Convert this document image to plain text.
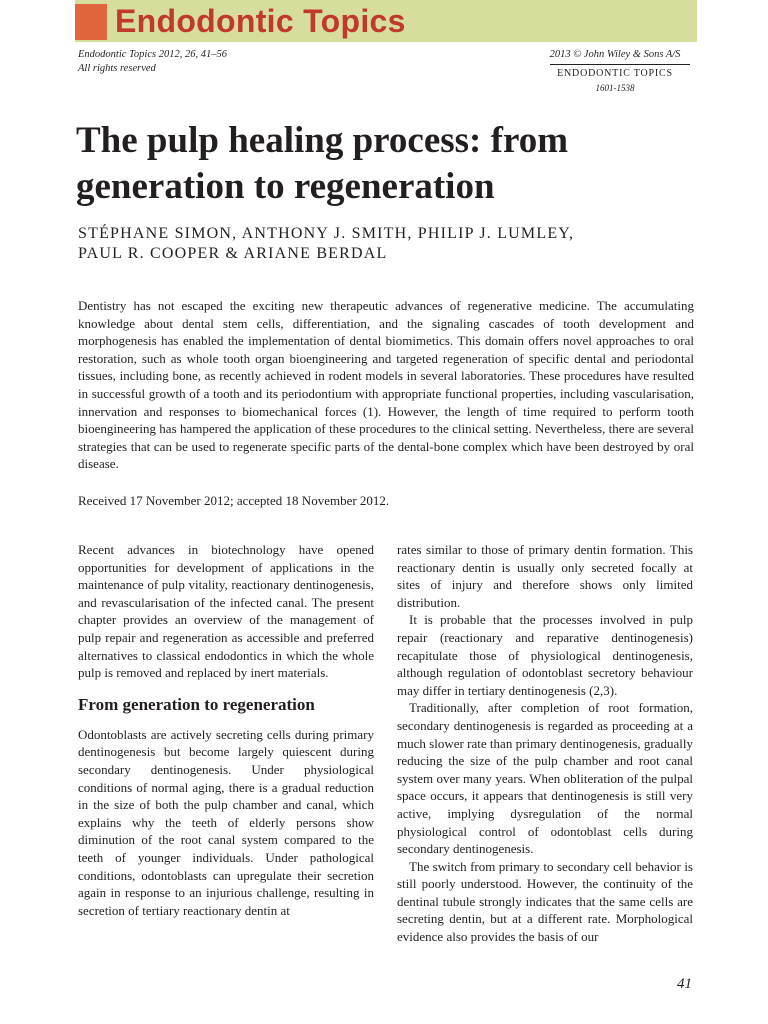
Endodontic Topics
Endodontic Topics 2012, 26, 41–56
All rights reserved
2013 © John Wiley & Sons A/S
ENDODONTIC TOPICS
1601-1538
The pulp healing process: from generation to regeneration
STÉPHANE SIMON, ANTHONY J. SMITH, PHILIP J. LUMLEY,
PAUL R. COOPER & ARIANE BERDAL

Dentistry has not escaped the exciting new therapeutic advances of regenerative medicine. The accumulating knowledge about dental stem cells, differentiation, and the signaling cascades of tooth development and morphogenesis has enabled the implementation of dental biomimetics. This domain offers novel approaches to oral restoration, such as whole tooth organ bioengineering and targeted regeneration of specific dental and periodontal tissues, including bone, as recently achieved in rodent models in several laboratories. These procedures have resulted in successful growth of a tooth and its periodontium with appropriate functional properties, including vascularisation, innervation and responses to biomechanical forces (1). However, the length of time required to perform tooth bioengineering has hampered the application of these procedures to the clinical setting. Nevertheless, there are several strategies that can be used to regenerate specific parts of the dental-bone complex which have been destroyed by oral disease.

Received 17 November 2012; accepted 18 November 2012.

Recent advances in biotechnology have opened opportunities for development of applications in the maintenance of pulp vitality, reactionary dentinogenesis, and revascularisation of the infected canal. The present chapter provides an overview of the management of pulp repair and regeneration as accessible and preferred alternatives to classical endodontics in which the whole pulp is removed and replaced by inert materials.

From generation to regeneration

Odontoblasts are actively secreting cells during primary dentinogenesis but become largely quiescent during secondary dentinogenesis. Under physiological conditions of normal aging, there is a gradual reduction in the size of both the pulp chamber and canal, which explains why the teeth of elderly persons show diminution of the root canal system compared to the teeth of younger individuals. Under pathological conditions, odontoblasts can upregulate their secretion again in response to an injurious challenge, resulting in secretion of tertiary reactionary dentin at

rates similar to those of primary dentin formation. This reactionary dentin is usually only secreted focally at sites of injury and therefore shows only limited distribution.

It is probable that the processes involved in pulp repair (reactionary and reparative dentinogenesis) recapitulate those of physiological dentinogenesis, although regulation of odontoblast secretory behaviour may differ in tertiary dentinogenesis (2,3).

Traditionally, after completion of root formation, secondary dentinogenesis is regarded as proceeding at a much slower rate than primary dentinogenesis, gradually reducing the size of the pulp chamber and root canal system over many years. When obliteration of the pulpal space occurs, it appears that dentinogenesis is still very active, implying dysregulation of the normal physiological control of odontoblast cells during secondary dentinogenesis.

The switch from primary to secondary cell behavior is still poorly understood. However, the continuity of the dentinal tubule strongly indicates that the same cells are secreting dentin, but at a different rate. Morphological evidence also provides the basis of our

41
